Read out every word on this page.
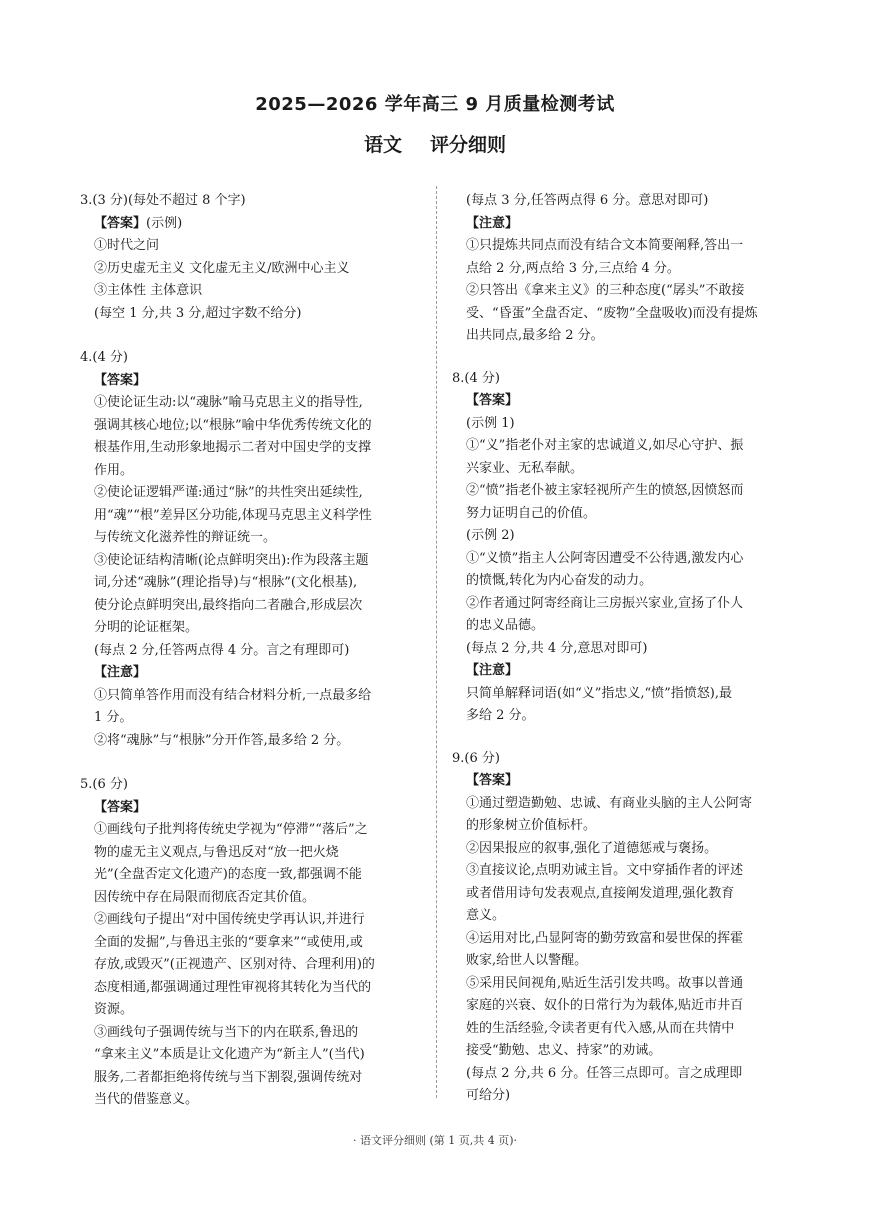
2025—2026 学年高三 9 月质量检测考试
语文 评分细则

3.(3 分)(每处不超过 8 个字)

【答案】(示例)

①时代之问

②历史虚无主义 文化虚无主义/欧洲中心主义

③主体性 主体意识

(每空 1 分,共 3 分,超过字数不给分)

4.(4 分)

【答案】

①使论证生动:以“魂脉”喻马克思主义的指导性,

强调其核心地位;以“根脉”喻中华优秀传统文化的

根基作用,生动形象地揭示二者对中国史学的支撑

作用。

②使论证逻辑严谨:通过“脉”的共性突出延续性,

用“魂”“根”差异区分功能,体现马克思主义科学性

与传统文化滋养性的辩证统一。

③使论证结构清晰(论点鲜明突出):作为段落主题

词,分述“魂脉”(理论指导)与“根脉”(文化根基),

使分论点鲜明突出,最终指向二者融合,形成层次

分明的论证框架。

(每点 2 分,任答两点得 4 分。言之有理即可)

【注意】

①只简单答作用而没有结合材料分析,一点最多给

1 分。

②将“魂脉”与“根脉”分开作答,最多给 2 分。

5.(6 分)

【答案】

①画线句子批判将传统史学视为“停滞”“落后”之

物的虚无主义观点,与鲁迅反对“放一把火烧

光”(全盘否定文化遗产)的态度一致,都强调不能

因传统中存在局限而彻底否定其价值。

②画线句子提出“对中国传统史学再认识,并进行

全面的发掘”,与鲁迅主张的“要拿来”“或使用,或

存放,或毁灭”(正视遗产、区别对待、合理利用)的

态度相通,都强调通过理性审视将其转化为当代的

资源。

③画线句子强调传统与当下的内在联系,鲁迅的

“拿来主义”本质是让文化遗产为“新主人”(当代)

服务,二者都拒绝将传统与当下割裂,强调传统对

当代的借鉴意义。

(每点 3 分,任答两点得 6 分。意思对即可)

【注意】

①只提炼共同点而没有结合文本简要阐释,答出一

点给 2 分,两点给 3 分,三点给 4 分。

②只答出《拿来主义》的三种态度(“孱头”不敢接

受、“昏蛋”全盘否定、“废物”全盘吸收)而没有提炼

出共同点,最多给 2 分。

8.(4 分)

【答案】

(示例 1)

①“义”指老仆对主家的忠诚道义,如尽心守护、振

兴家业、无私奉献。

②“愤”指老仆被主家轻视所产生的愤怒,因愤怒而

努力证明自己的价值。

(示例 2)

①“义愤”指主人公阿寄因遭受不公待遇,激发内心

的愤慨,转化为内心奋发的动力。

②作者通过阿寄经商让三房振兴家业,宣扬了仆人

的忠义品德。

(每点 2 分,共 4 分,意思对即可)

【注意】

只简单解释词语(如“义”指忠义,“愤”指愤怒),最

多给 2 分。

9.(6 分)

【答案】

①通过塑造勤勉、忠诚、有商业头脑的主人公阿寄

的形象树立价值标杆。

②因果报应的叙事,强化了道德惩戒与褒扬。

③直接议论,点明劝诫主旨。文中穿插作者的评述

或者借用诗句发表观点,直接阐发道理,强化教育

意义。

④运用对比,凸显阿寄的勤劳致富和晏世保的挥霍

败家,给世人以警醒。

⑤采用民间视角,贴近生活引发共鸣。故事以普通

家庭的兴衰、奴仆的日常行为为载体,贴近市井百

姓的生活经验,令读者更有代入感,从而在共情中

接受“勤勉、忠义、持家”的劝诫。

(每点 2 分,共 6 分。任答三点即可。言之成理即

可给分)

· 语文评分细则 (第 1 页,共 4 页)·
